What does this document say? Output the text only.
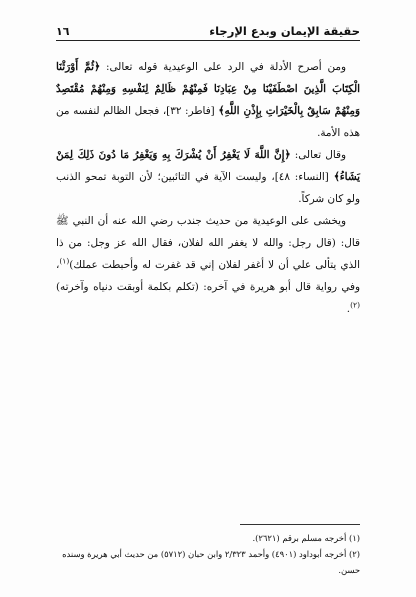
حقيقة الإيمان وبدع الإرجاء
١٦

ومن أصرح الأدلة في الرد على الوعيدية قوله تعالى: ﴿ثُمَّ أَوْرَثْنَا الْكِتَابَ الَّذِينَ اصْطَفَيْنَا مِنْ عِبَادِنَا فَمِنْهُمْ ظَالِمٌ لِنَفْسِهِ وَمِنْهُمْ مُقْتَصِدٌ وَمِنْهُمْ سَابِقٌ بِالْخَيْرَاتِ بِإِذْنِ اللَّهِ﴾ [فاطر: ٣٢]، فجعل الظالم لنفسه من هذه الأمة.

وقال تعالى: ﴿إِنَّ اللَّهَ لَا يَغْفِرُ أَنْ يُشْرَكَ بِهِ وَيَغْفِرُ مَا دُونَ ذَلِكَ لِمَنْ يَشَاءُ﴾ [النساء: ٤٨]، وليست الآية في التائبين؛ لأن التوبة تمحو الذنب ولو كان شركاً.

ويخشى على الوعيدية من حديث جندب رضي الله عنه أن النبي ﷺ قال: (قال رجل: والله لا يغفر الله لفلان، فقال الله عز وجل: من ذا الذي يتألى علي أن لا أغفر لفلان إني قد غفرت له وأحبطت عملك)$^{(١)}$، وفي رواية قال أبو هريرة في آخره: (تكلم بكلمة أوبقت دنياه وآخرته)$^{(٢)}$.

(١) أخرجه مسلم برقم (٢٦٢١).

(٢) أخرجه أبوداود (٤٩٠١) وأحمد ٢/٣٢٣ وابن حبان (٥٧١٢) من حديث أبي هريرة وسنده حسن.
